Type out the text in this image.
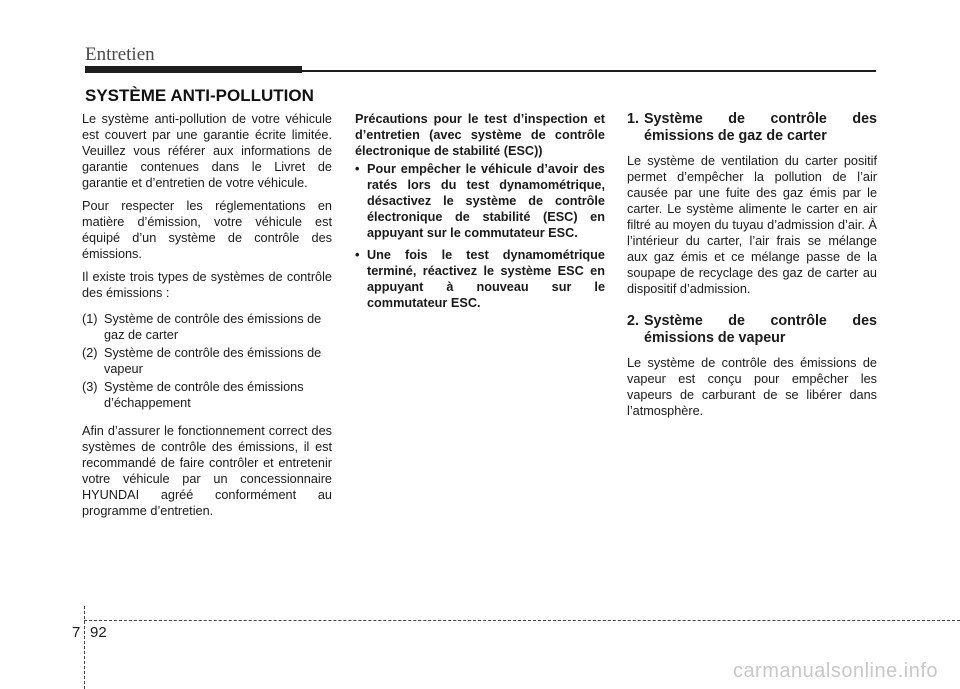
Entretien
SYSTÈME ANTI-POLLUTION

Le système anti-pollution de votre véhicule est couvert par une garantie écrite limitée. Veuillez vous référer aux informations de garantie contenues dans le Livret de garantie et d’entretien de votre véhicule.

Pour respecter les réglementations en matière d’émission, votre véhicule est équipé d’un système de contrôle des émissions.

Il existe trois types de systèmes de contrôle des émissions :

(1) Système de contrôle des émissions de gaz de carter
(2) Système de contrôle des émissions de vapeur
(3) Système de contrôle des émissions d’échappement

Afin d’assurer le fonctionnement correct des systèmes de contrôle des émissions, il est recommandé de faire contrôler et entretenir votre véhicule par un concessionnaire HYUNDAI agréé conformément au programme d’entretien.

Précautions pour le test d’inspection et d’entretien (avec système de contrôle électronique de stabilité (ESC))
• Pour empêcher le véhicule d’avoir des ratés lors du test dynamométrique, désactivez le système de contrôle électronique de stabilité (ESC) en appuyant sur le commutateur ESC.
• Une fois le test dynamométrique terminé, réactivez le système ESC en appuyant à nouveau sur le commutateur ESC.
1. Système de contrôle des émissions de gaz de carter

Le système de ventilation du carter positif permet d’empêcher la pollution de l’air causée par une fuite des gaz émis par le carter. Le système alimente le carter en air filtré au moyen du tuyau d’admission d’air. À l’intérieur du carter, l’air frais se mélange aux gaz émis et ce mélange passe de la soupape de recyclage des gaz de carter au dispositif d’admission.

2. Système de contrôle des émissions de vapeur

Le système de contrôle des émissions de vapeur est conçu pour empêcher les vapeurs de carburant de se libérer dans l’atmosphère.

7 92
carmanualsonline.info
